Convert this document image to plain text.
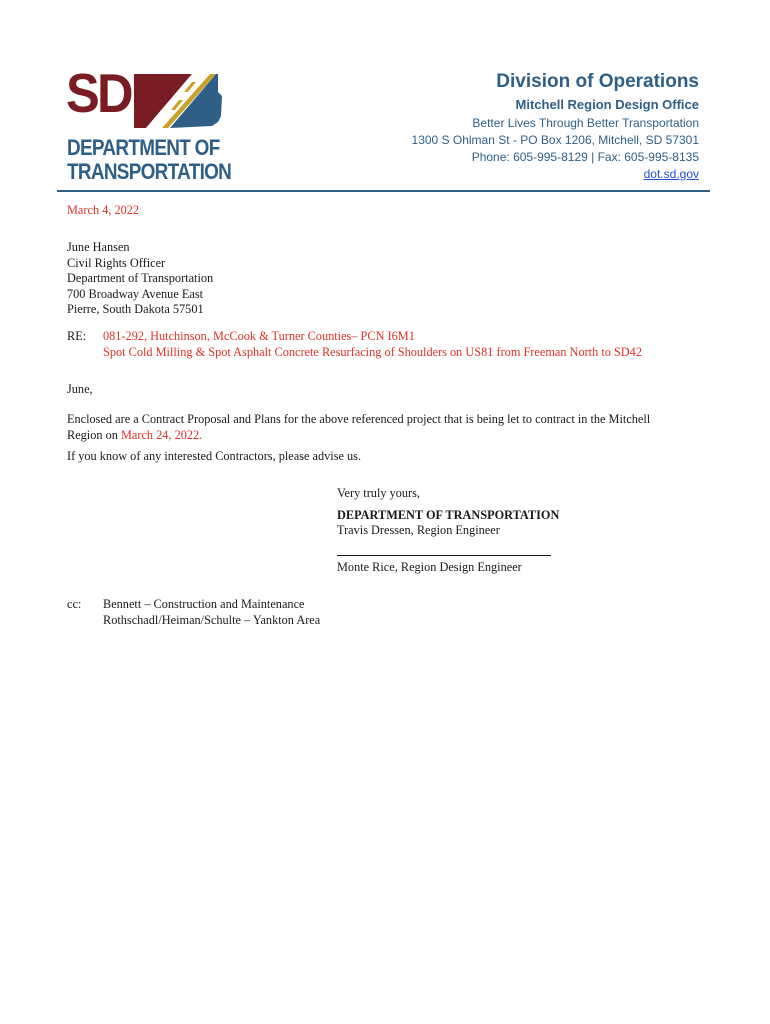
SD
DEPARTMENT OF
TRANSPORTATION
Division of Operations
Mitchell Region Design Office
Better Lives Through Better Transportation
1300 S Ohlman St - PO Box 1206, Mitchell, SD 57301
Phone: 605-995-8129 | Fax: 605-995-8135
dot.sd.gov
March 4, 2022
June Hansen
Civil Rights Officer
Department of Transportation
700 Broadway Avenue East
Pierre, South Dakota 57501
RE: 081-292, Hutchinson, McCook & Turner Counties– PCN I6M1
Spot Cold Milling & Spot Asphalt Concrete Resurfacing of Shoulders on US81 from Freeman North to SD42
June,
Enclosed are a Contract Proposal and Plans for the above referenced project that is being let to contract in the Mitchell Region on March 24, 2022.
If you know of any interested Contractors, please advise us.
Very truly yours,
DEPARTMENT OF TRANSPORTATION
Travis Dressen, Region Engineer
Monte Rice, Region Design Engineer
cc: Bennett – Construction and Maintenance
Rothschadl/Heiman/Schulte – Yankton Area
